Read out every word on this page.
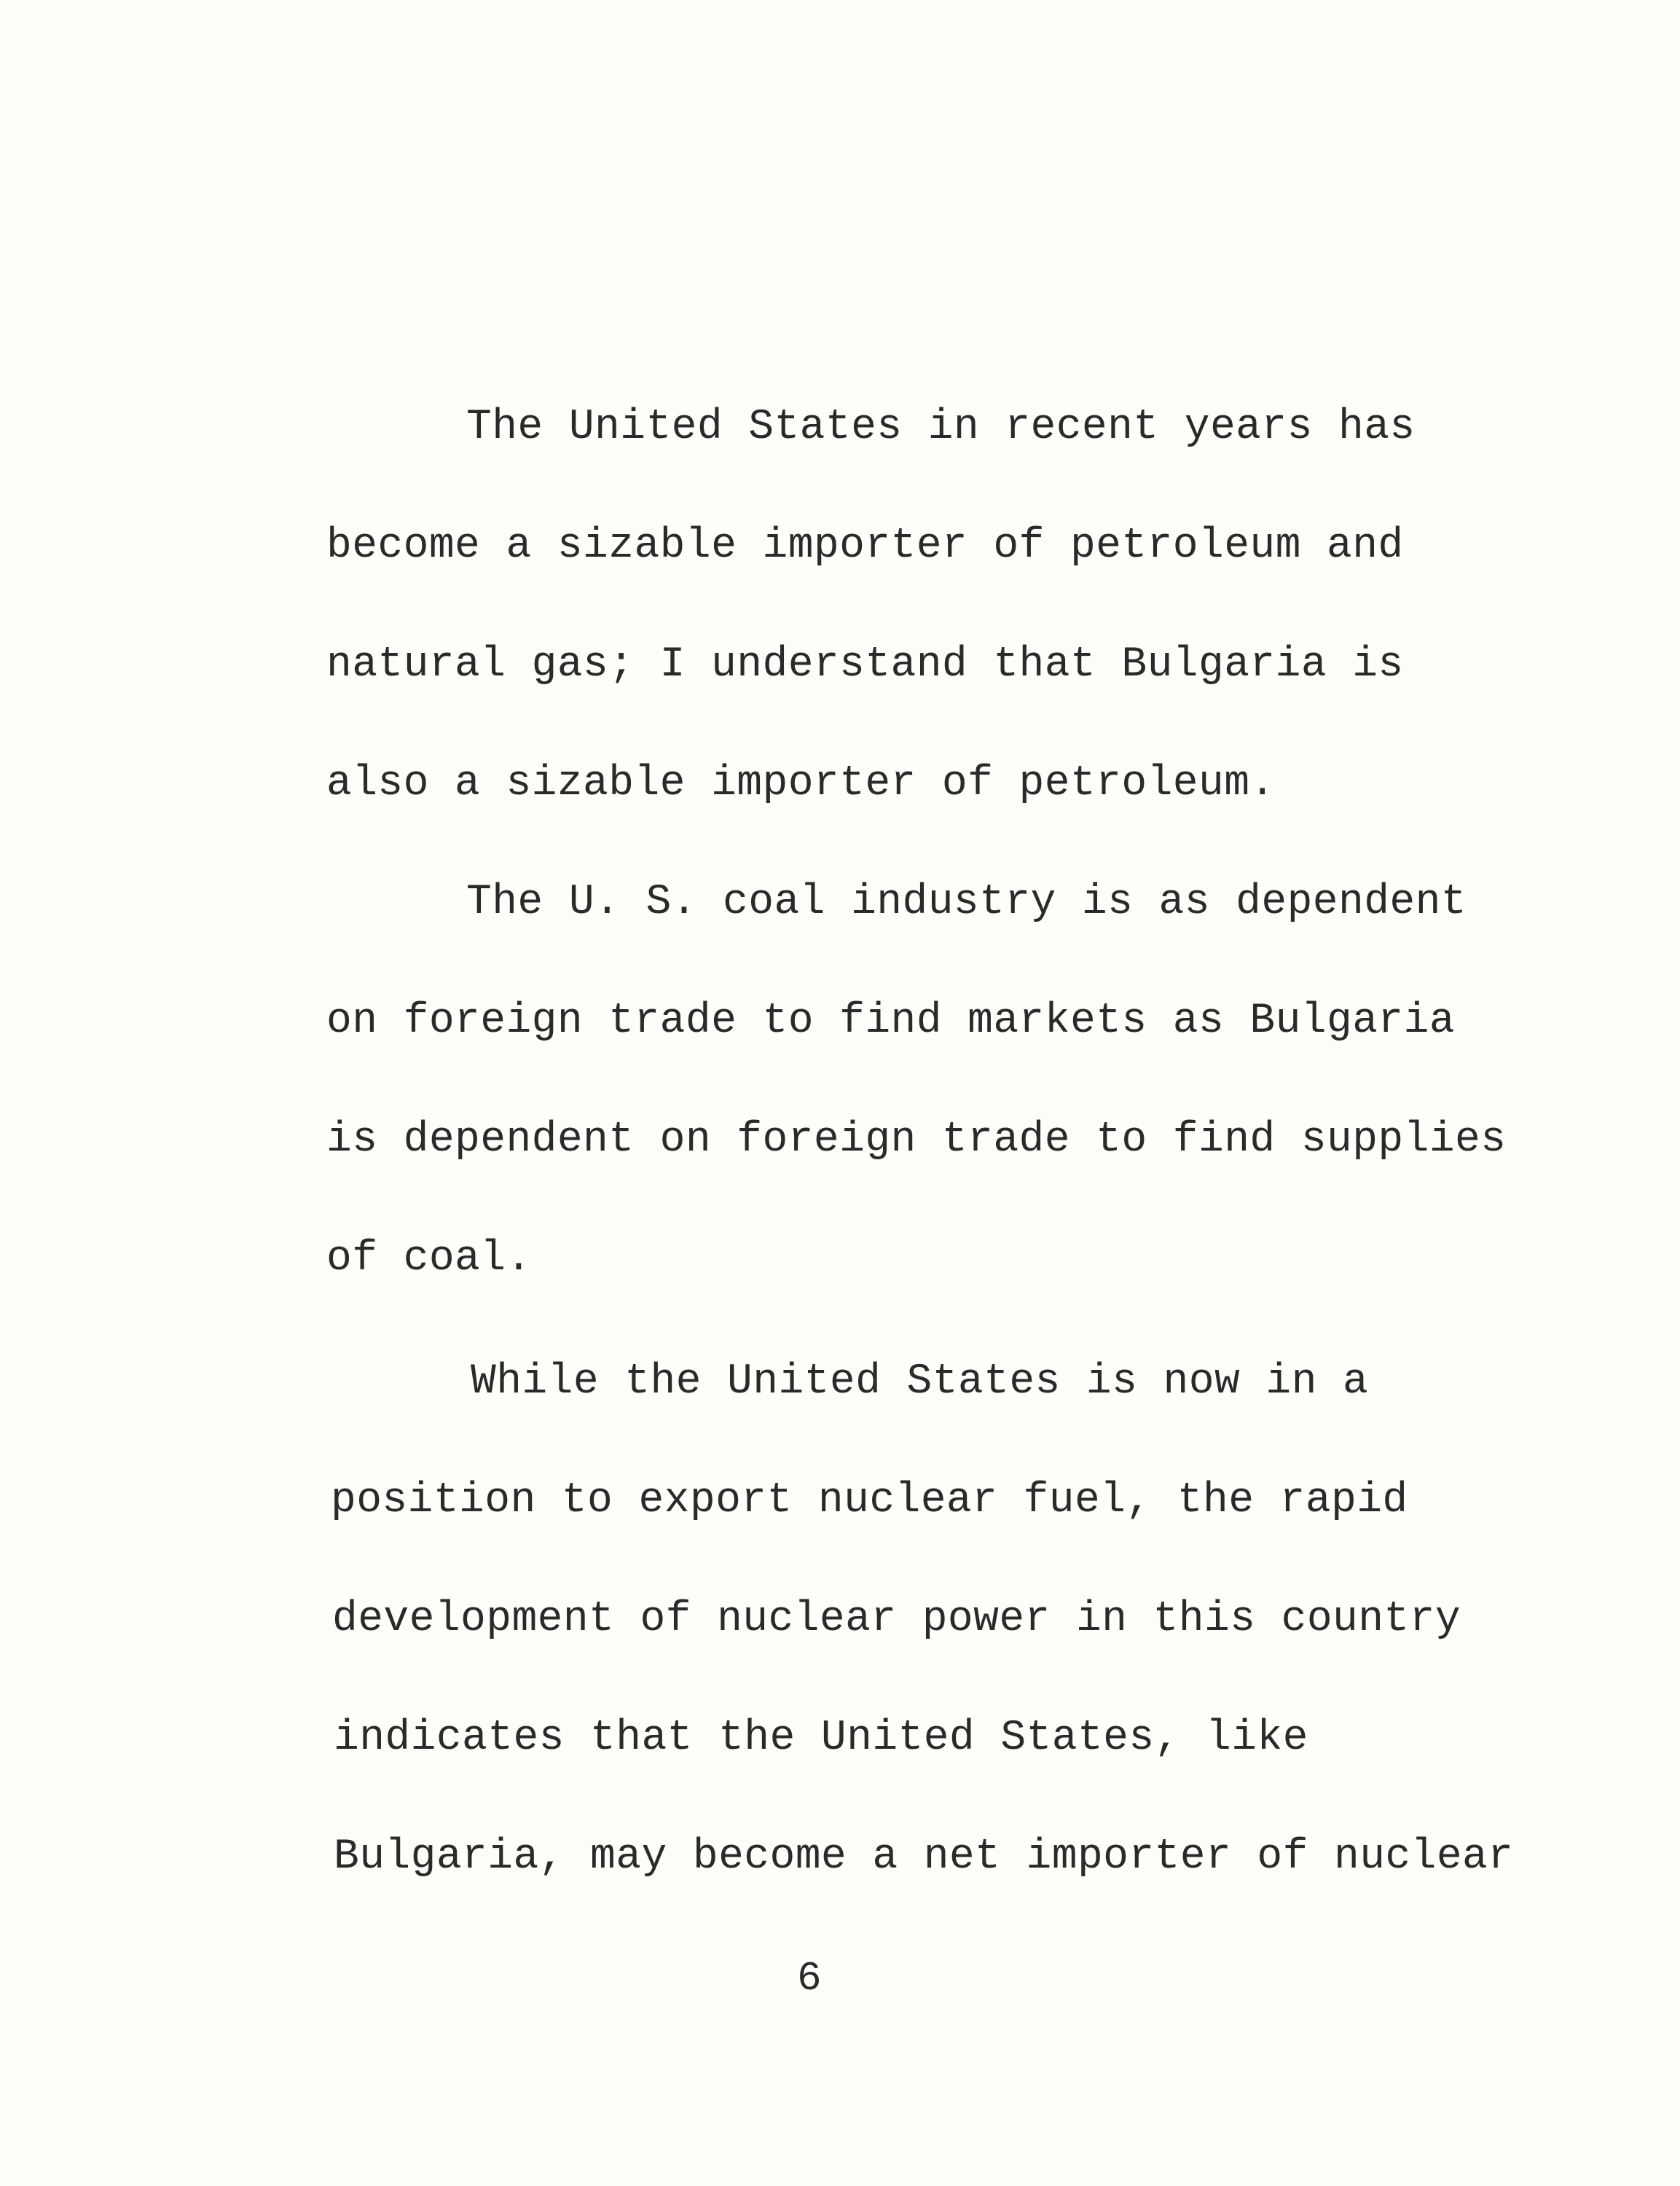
The United States in recent years has
become a sizable importer of petroleum and
natural gas; I understand that Bulgaria is
also a sizable importer of petroleum.
The U. S. coal industry is as dependent
on foreign trade to find markets as Bulgaria
is dependent on foreign trade to find supplies
of coal.
While the United States is now in a
position to export nuclear fuel, the rapid
development of nuclear power in this country
indicates that the United States, like
Bulgaria, may become a net importer of nuclear
6
